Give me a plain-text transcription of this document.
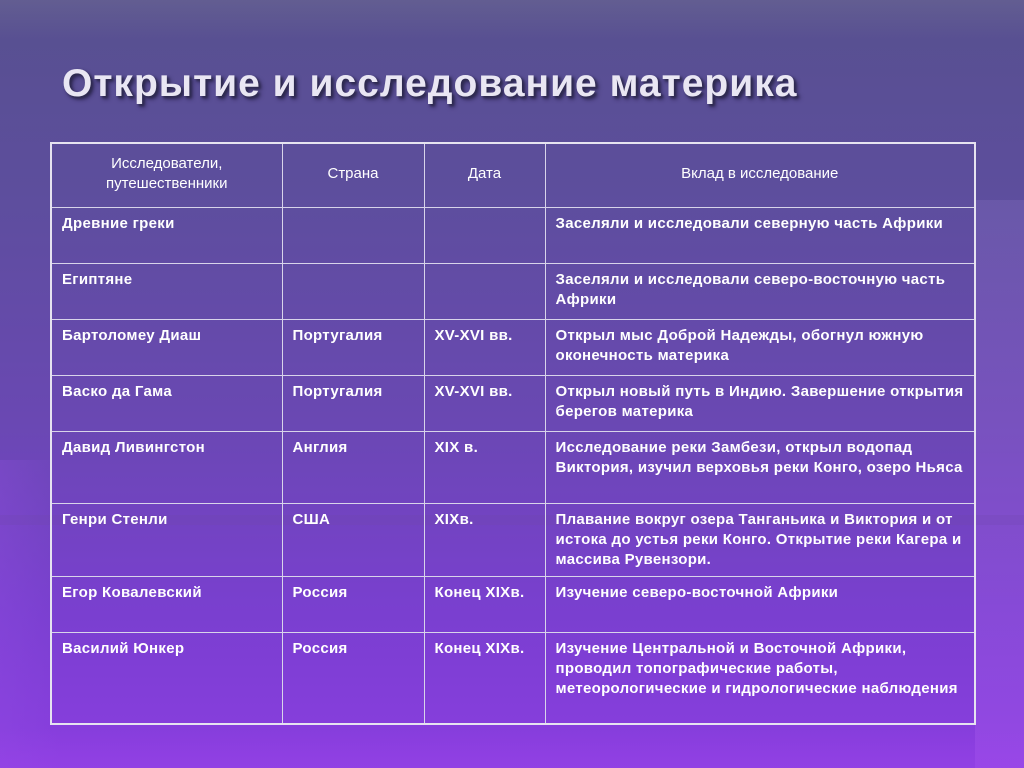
Открытие и исследование материка
Исследователи, путешественники	Страна	Дата	Вклад в исследование
Древние греки			Заселяли и исследовали северную часть Африки
Египтяне			Заселяли и исследовали северо-восточную часть Африки
Бартоломеу Диаш	Португалия	XV-XVI вв.	Открыл мыс Доброй Надежды, обогнул южную оконечность материка
Васко да Гама	Португалия	XV-XVI вв.	Открыл новый путь в Индию. Завершение открытия берегов материка
Давид Ливингстон	Англия	XIX в.	Исследование реки Замбези, открыл водопад Виктория, изучил верховья реки Конго, озеро Ньяса
Генри Стенли	США	XIXв.	Плавание вокруг озера Танганьика и Виктория и от истока до устья реки Конго. Открытие реки Кагера и массива Рувензори.
Егор Ковалевский	Россия	Конец XIXв.	Изучение северо-восточной Африки
Василий Юнкер	Россия	Конец XIXв.	Изучение Центральной и Восточной Африки, проводил топографические работы, метеорологические и гидрологические наблюдения
